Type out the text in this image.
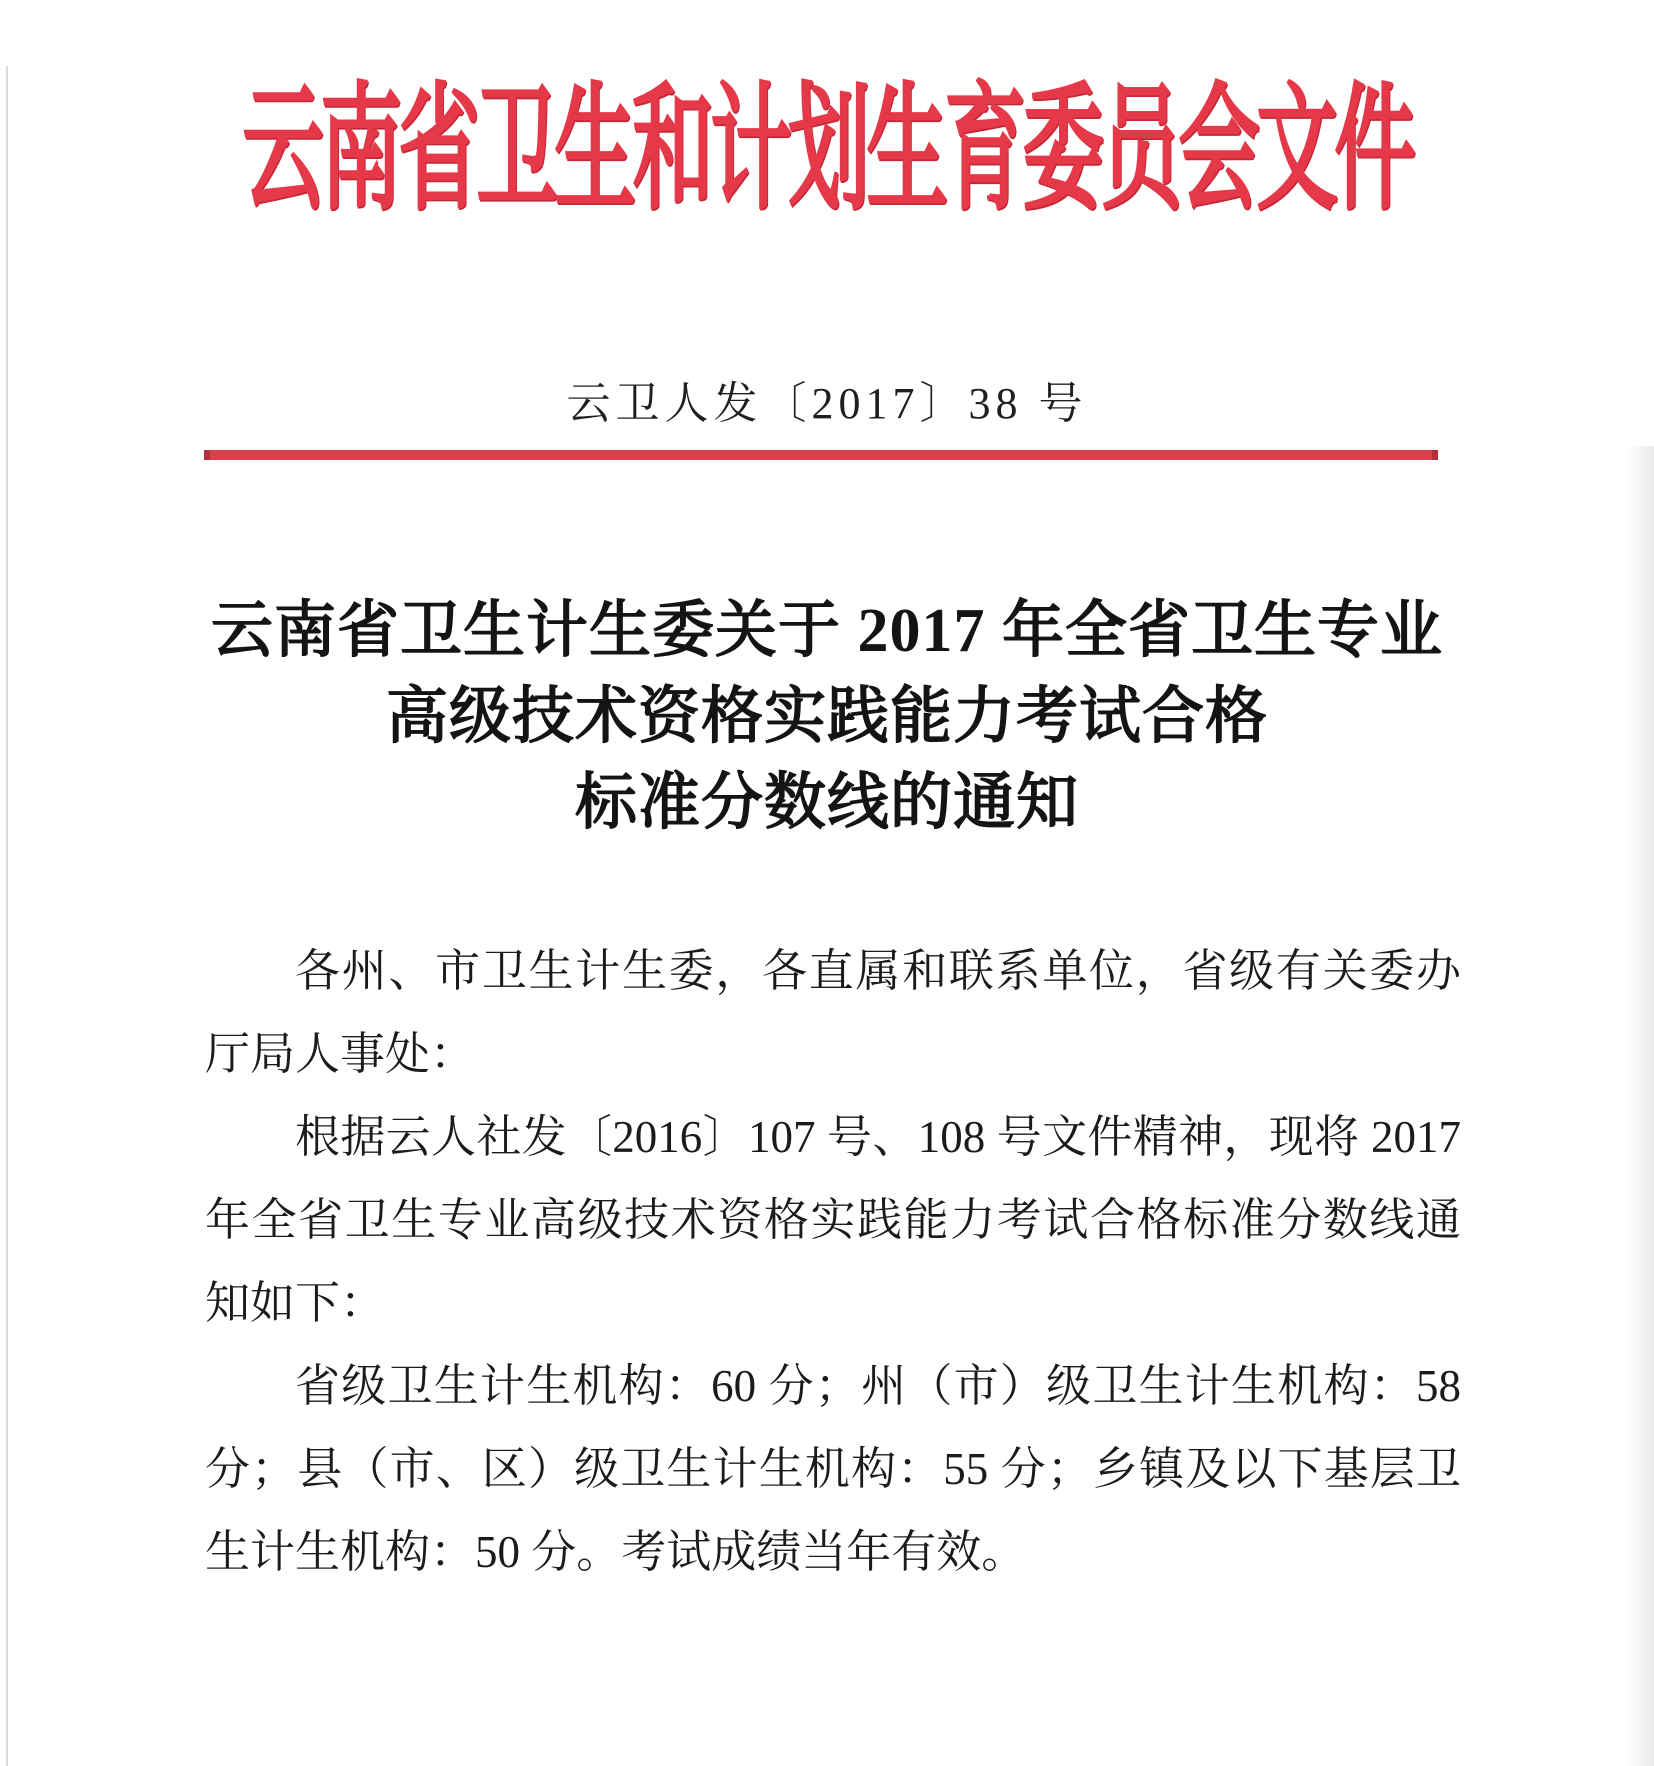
云南省卫生和计划生育委员会文件
云卫人发〔2017〕38 号
云南省卫生计生委关于 2017 年全省卫生专业
高级技术资格实践能力考试合格
标准分数线的通知
各州、市卫生计生委，各直属和联系单位，省级有关委办
厅局人事处：
根据云人社发〔2016〕107 号、108 号文件精神，现将 2017
年全省卫生专业高级技术资格实践能力考试合格标准分数线通
知如下：
省级卫生计生机构：60 分；州（市）级卫生计生机构：58
分；县（市、区）级卫生计生机构：55 分；乡镇及以下基层卫
生计生机构：50 分。考试成绩当年有效。
